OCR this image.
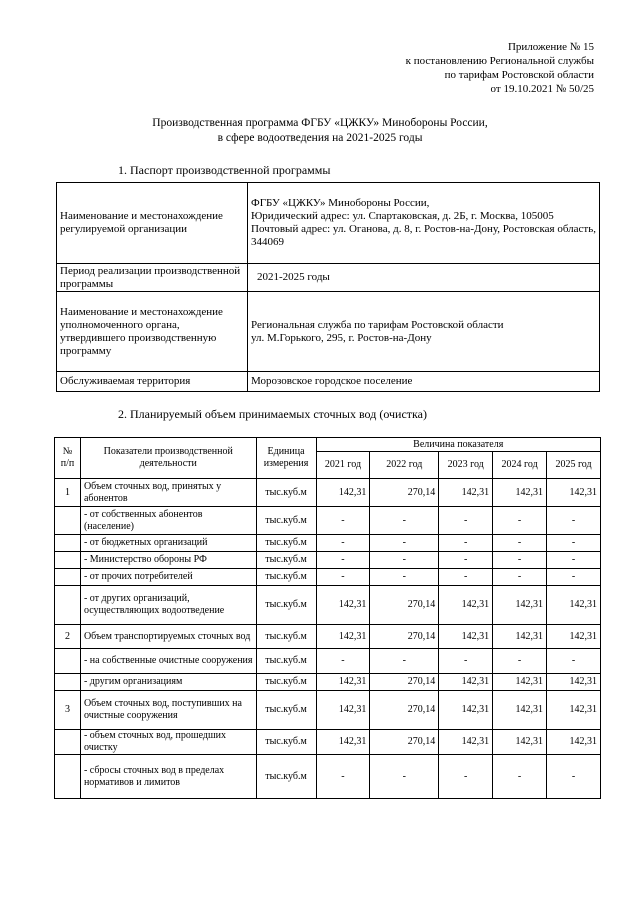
Приложение № 15
к постановлению Региональной службы
по тарифам Ростовской области
от 19.10.2021 № 50/25
Производственная программа ФГБУ «ЦЖКУ» Минобороны России,
в сфере водоотведения на 2021-2025 годы
1. Паспорт производственной программы
Наименование и местонахождение регулируемой организации	ФГБУ «ЦЖКУ» Минобороны России,
Юридический адрес: ул. Спартаковская, д. 2Б, г. Москва, 105005
Почтовый адрес: ул. Оганова, д. 8, г. Ростов-на-Дону, Ростовская область, 344069

Период реализации производственной программы	2021-2025 годы

Наименование и местонахождение уполномоченного органа, утвердившего производственную программу	Региональная служба по тарифам Ростовской области
ул. М.Горького, 295, г. Ростов-на-Дону

Обслуживаемая территория	Морозовское городское поселение
2. Планируемый объем принимаемых сточных вод (очистка)
№ п/п	Показатели производственной деятельности	Единица измерения	Величина показателя				
			2021 год	2022 год	2023 год	2024 год	2025 год
1	Объем сточных вод, принятых у абонентов	тыс.куб.м	142,31	270,14	142,31	142,31	142,31
	- от собственных абонентов (население)	тыс.куб.м	-	-	-	-	-
	- от бюджетных организаций	тыс.куб.м	-	-	-	-	-
	- Министерство обороны РФ	тыс.куб.м	-	-	-	-	-
	- от прочих потребителей	тыс.куб.м	-	-	-	-	-
	- от других организаций, осуществляющих водоотведение	тыс.куб.м	142,31	270,14	142,31	142,31	142,31
2	Объем транспортируемых сточных вод	тыс.куб.м	142,31	270,14	142,31	142,31	142,31
	- на собственные очистные сооружения	тыс.куб.м	-	-	-	-	-
	- другим организациям	тыс.куб.м	142,31	270,14	142,31	142,31	142,31
3	Объем сточных вод, поступивших на очистные сооружения	тыс.куб.м	142,31	270,14	142,31	142,31	142,31
	- объем сточных вод, прошедших очистку	тыс.куб.м	142,31	270,14	142,31	142,31	142,31
	- сбросы сточных вод в пределах нормативов и лимитов	тыс.куб.м	-	-	-	-	-
